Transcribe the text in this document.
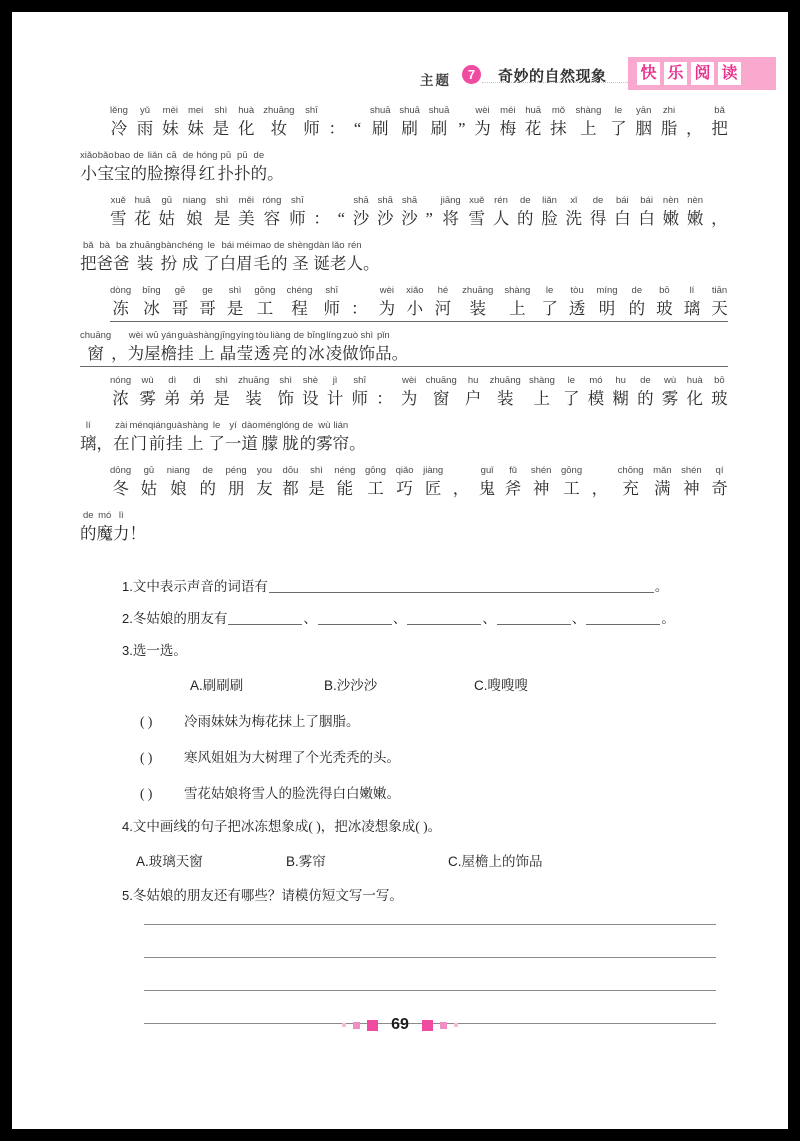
主题	7	奇妙的自然现象 快 乐 阅 读
lěng
冷
yǔ
雨
mèi
妹
mei
妹
shì
是
huà
化
zhuāng
妆
shī
师 ： “
shuā
刷
shuā
刷
shuā
刷 ”
wèi
为
méi
梅
huā
花
mǒ
抹
shàng
上
le
了
yān
胭
zhi
脂 ，
bǎ
把
xiǎo
小
bǎo
宝
bao
宝
de
的
liǎn
脸
cā
擦
de
得
hóng
红
pū
扑
pū
扑
de
的 。
xuě
雪
huā
花
gū
姑
niang
娘
shì
是
měi
美
róng
容
shī
师 ： “
shā
沙
shā
沙
shā
沙 ”
jiāng
将
xuě
雪
rén
人
de
的
liǎn
脸
xǐ
洗
de
得
bái
白
bái
白
nèn
嫩
nèn
嫩 ，
bǎ
把
bà
爸
ba
爸
zhuāng
装
bàn
扮
chéng
成
le
了
bái
白
méi
眉
mao
毛
de
的
shèng
圣
dàn
诞
lǎo
老
rén
人 。
dòng
冻
bīng
冰
gē
哥
ge
哥
shì
是
gōng
工
chéng
程
shī
师 ：
wèi
为
xiǎo
小
hé
河
zhuāng
装
shàng
上
le
了
tòu
透
míng
明
de
的
bō
玻
lí
璃
tiān
天
chuāng
窗 ，
wèi
为
wū
屋
yán
檐
guà
挂
shàng
上
jīng
晶
yíng
莹
tòu
透
liàng
亮
de
的
bīng
冰
líng
凌
zuò
做
shì
饰
pǐn
品 。
nóng
浓
wù
雾
dì
弟
di
弟
shì
是
zhuāng
装
shì
饰
shè
设
jì
计
shī
师 ：
wèi
为
chuāng
窗
hu
户
zhuāng
装
shàng
上
le
了
mó
模
hu
糊
de
的
wù
雾
huà
化
bō
玻
lí
璃 ，
zài
在
mén
门
qián
前
guà
挂
shàng
上
le
了
yí
一
dào
道
méng
朦
lóng
胧
de
的
wù
雾
lián
帘 。
dōng
冬
gū
姑
niang
娘
de
的
péng
朋
you
友
dōu
都
shì
是
néng
能
gōng
工
qiǎo
巧
jiàng
匠 ，
guǐ
鬼
fǔ
斧
shén
神
gōng
工 ，
chōng
充
mǎn
满
shén
神
qí
奇
de
的
mó
魔
lì
力 ！
1.文中表示声音的词语有	。
2.冬姑娘的朋友有	、	、	、	、	。
3.选一选。
A.刷刷刷	B.沙沙沙	C.嗖嗖嗖
( ) 冷雨妹妹为梅花抹上了胭脂。
( ) 寒风姐姐为大树理了个光秃秃的头。
( ) 雪花姑娘将雪人的脸洗得白白嫩嫩。
4.文中画线的句子把冰冻想象成( )，把冰凌想象成( )。
A.玻璃天窗	B.雾帘	C.屋檐上的饰品
5.冬姑娘的朋友还有哪些？请模仿短文写一写。
69
